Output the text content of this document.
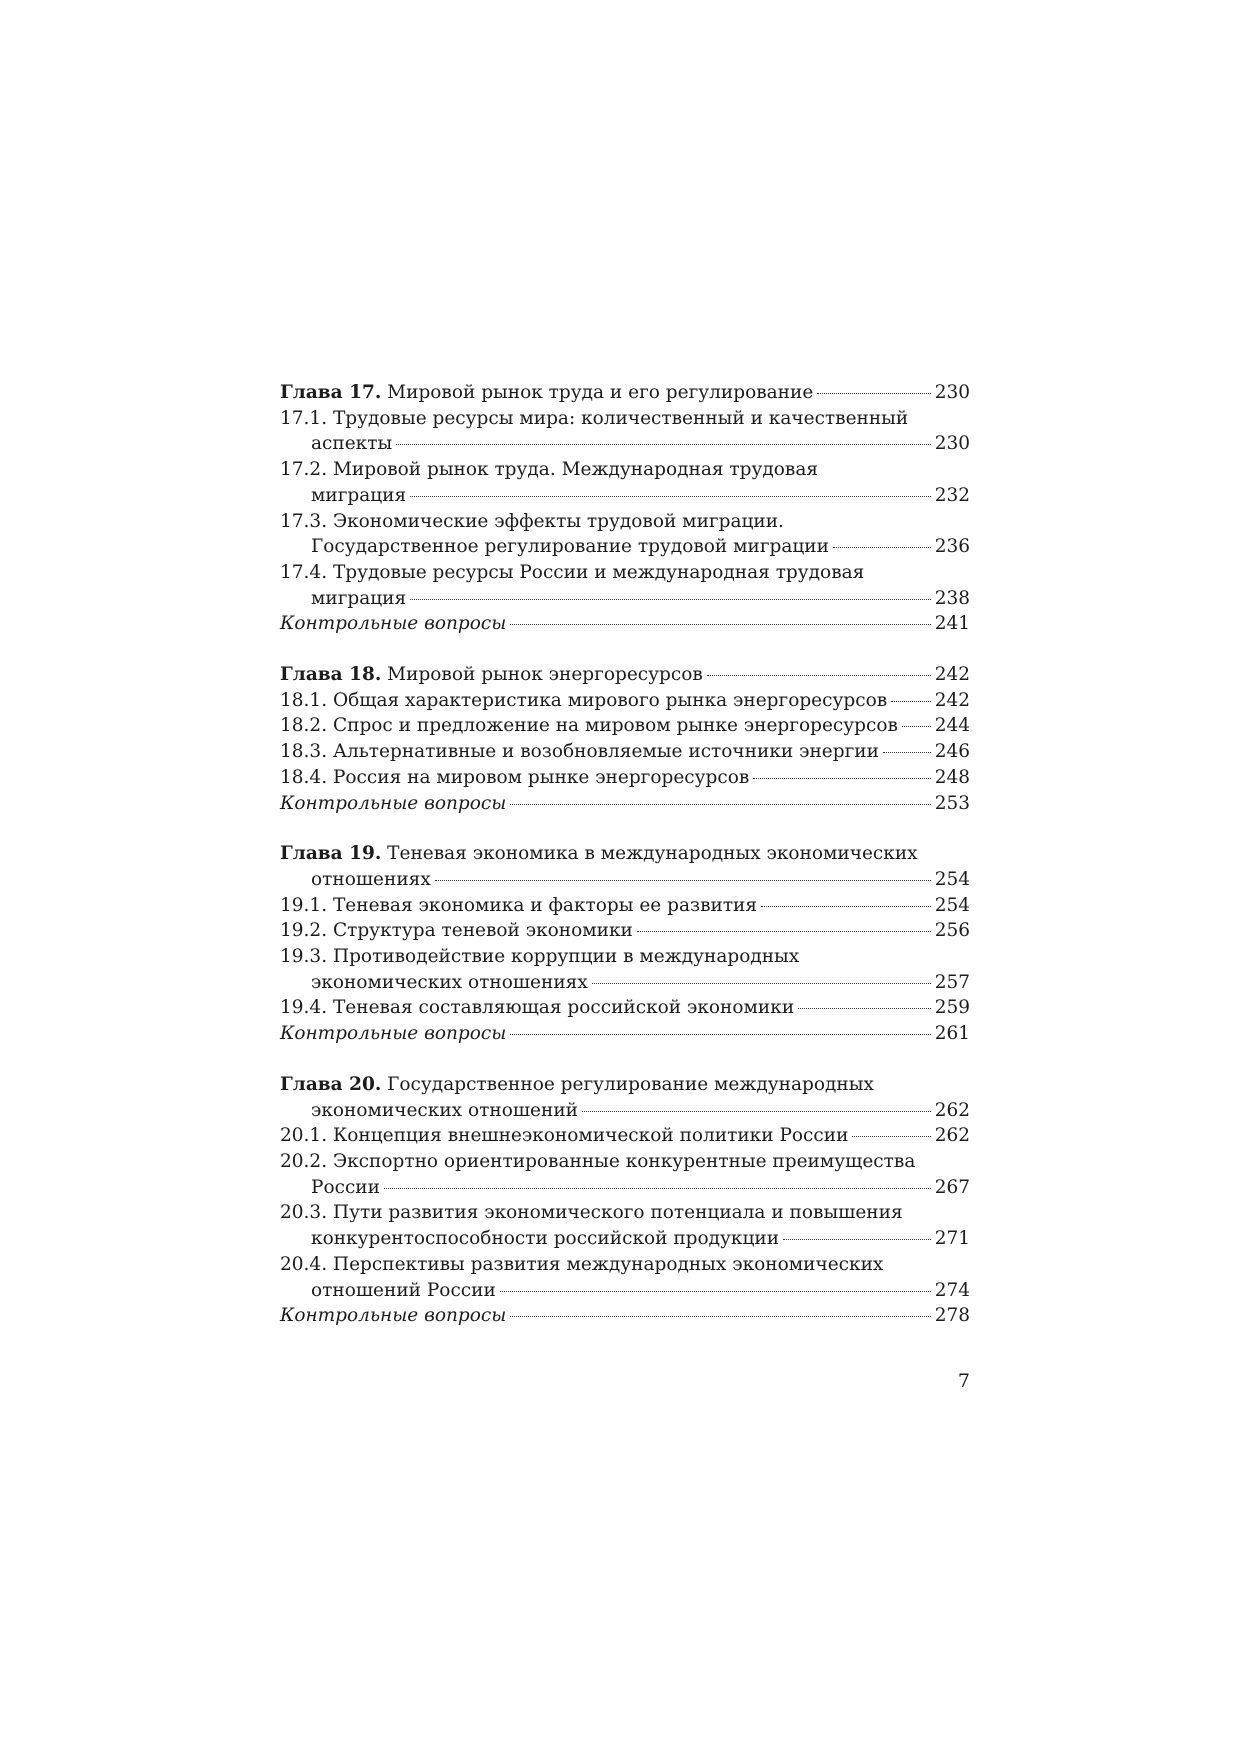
Глава 17. Мировой рынок труда и его регулирование	230
17.1. Трудовые ресурсы мира: количественный и качественный
аспекты	230
17.2. Мировой рынок труда. Международная трудовая
миграция	232
17.3. Экономические эффекты трудовой миграции.
Государственное регулирование трудовой миграции	236
17.4. Трудовые ресурсы России и международная трудовая
миграция	238
Контрольные вопросы	241
Глава 18. Мировой рынок энергоресурсов	242
18.1. Общая характеристика мирового рынка энергоресурсов	242
18.2. Спрос и предложение на мировом рынке энергоресурсов 244
18.3. Альтернативные и возобновляемые источники энергии	246
18.4. Россия на мировом рынке энергоресурсов	248
Контрольные вопросы	253
Глава 19. Теневая экономика в международных экономических
отношениях	254
19.1. Теневая экономика и факторы ее развития	254
19.2. Структура теневой экономики	256
19.3. Противодействие коррупции в международных
экономических отношениях	257
19.4. Теневая составляющая российской экономики	259
Контрольные вопросы	261
Глава 20. Государственное регулирование международных
экономических отношений	262
20.1. Концепция внешнеэкономической политики России	262
20.2. Экспортно ориентированные конкурентные преимущества
России	267
20.3. Пути развития экономического потенциала и повышения
конкурентоспособности российской продукции	271
20.4. Перспективы развития международных экономических
отношений России	274
Контрольные вопросы	278
7
